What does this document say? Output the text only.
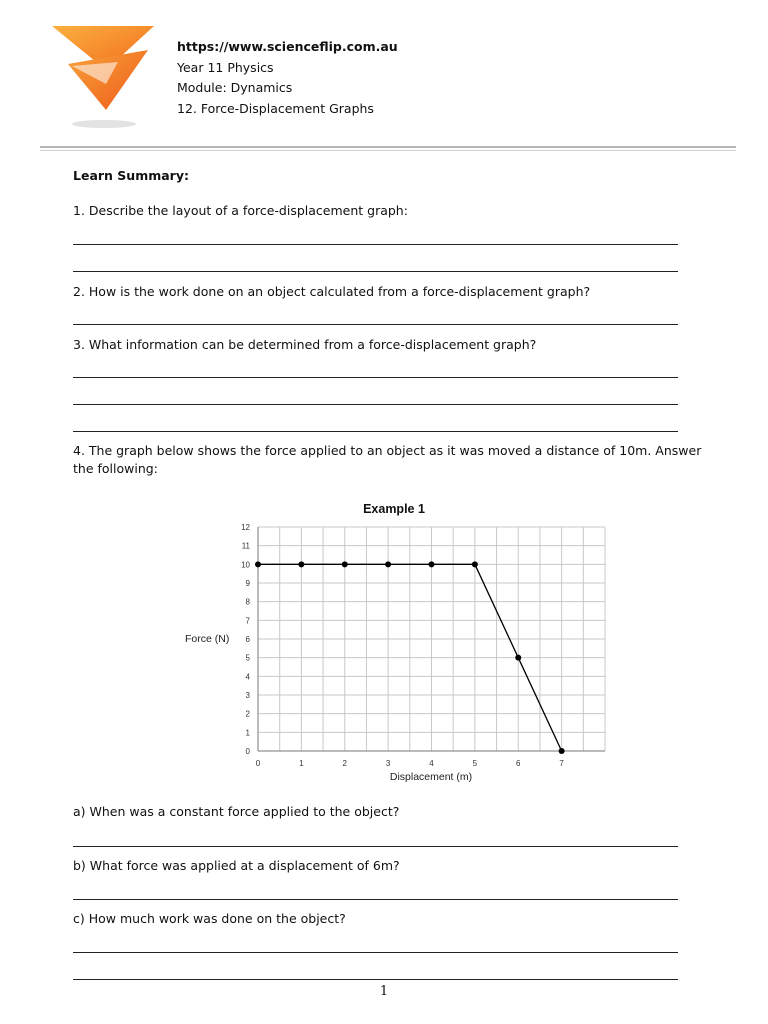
https://www.scienceflip.com.au
Year 11 Physics
Module: Dynamics
12. Force-Displacement Graphs

Learn Summary:

1. Describe the layout of a force-displacement graph:

2. How is the work done on an object calculated from a force-displacement graph?

3. What information can be determined from a force-displacement graph?

4. The graph below shows the force applied to an object as it was moved a distance of 10m. Answer the following:

Example 1
0
1
2
3
4
5
6
7
8
9
10
11
12
0	1	2	3	4	5	6	7
Force (N)
Displacement (m)

a) When was a constant force applied to the object?

b) What force was applied at a displacement of 6m?

c) How much work was done on the object?

1
